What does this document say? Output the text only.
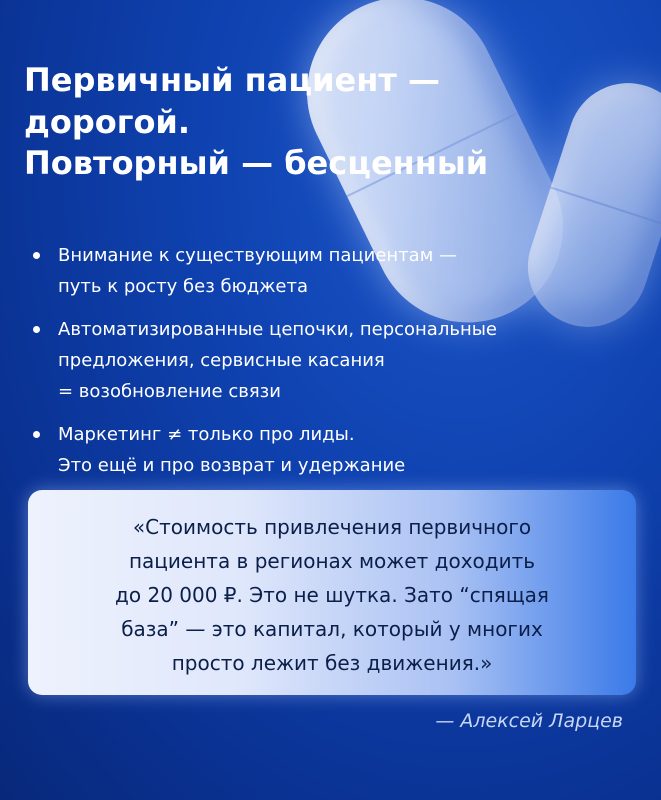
Первичный пациент —
дорогой.
Повторный — бесценный
Внимание к существующим пациентам —
путь к росту без бюджета
Автоматизированные цепочки, персональные
предложения, сервисные касания
= возобновление связи
Маркетинг ≠ только про лиды.
Это ещё и про возврат и удержание

«Стоимость привлечения первичного
пациента в регионах может доходить
до 20 000 ₽. Это не шутка. Зато “спящая
база” — это капитал, который у многих
просто лежит без движения.»

— Алексей Ларцев
